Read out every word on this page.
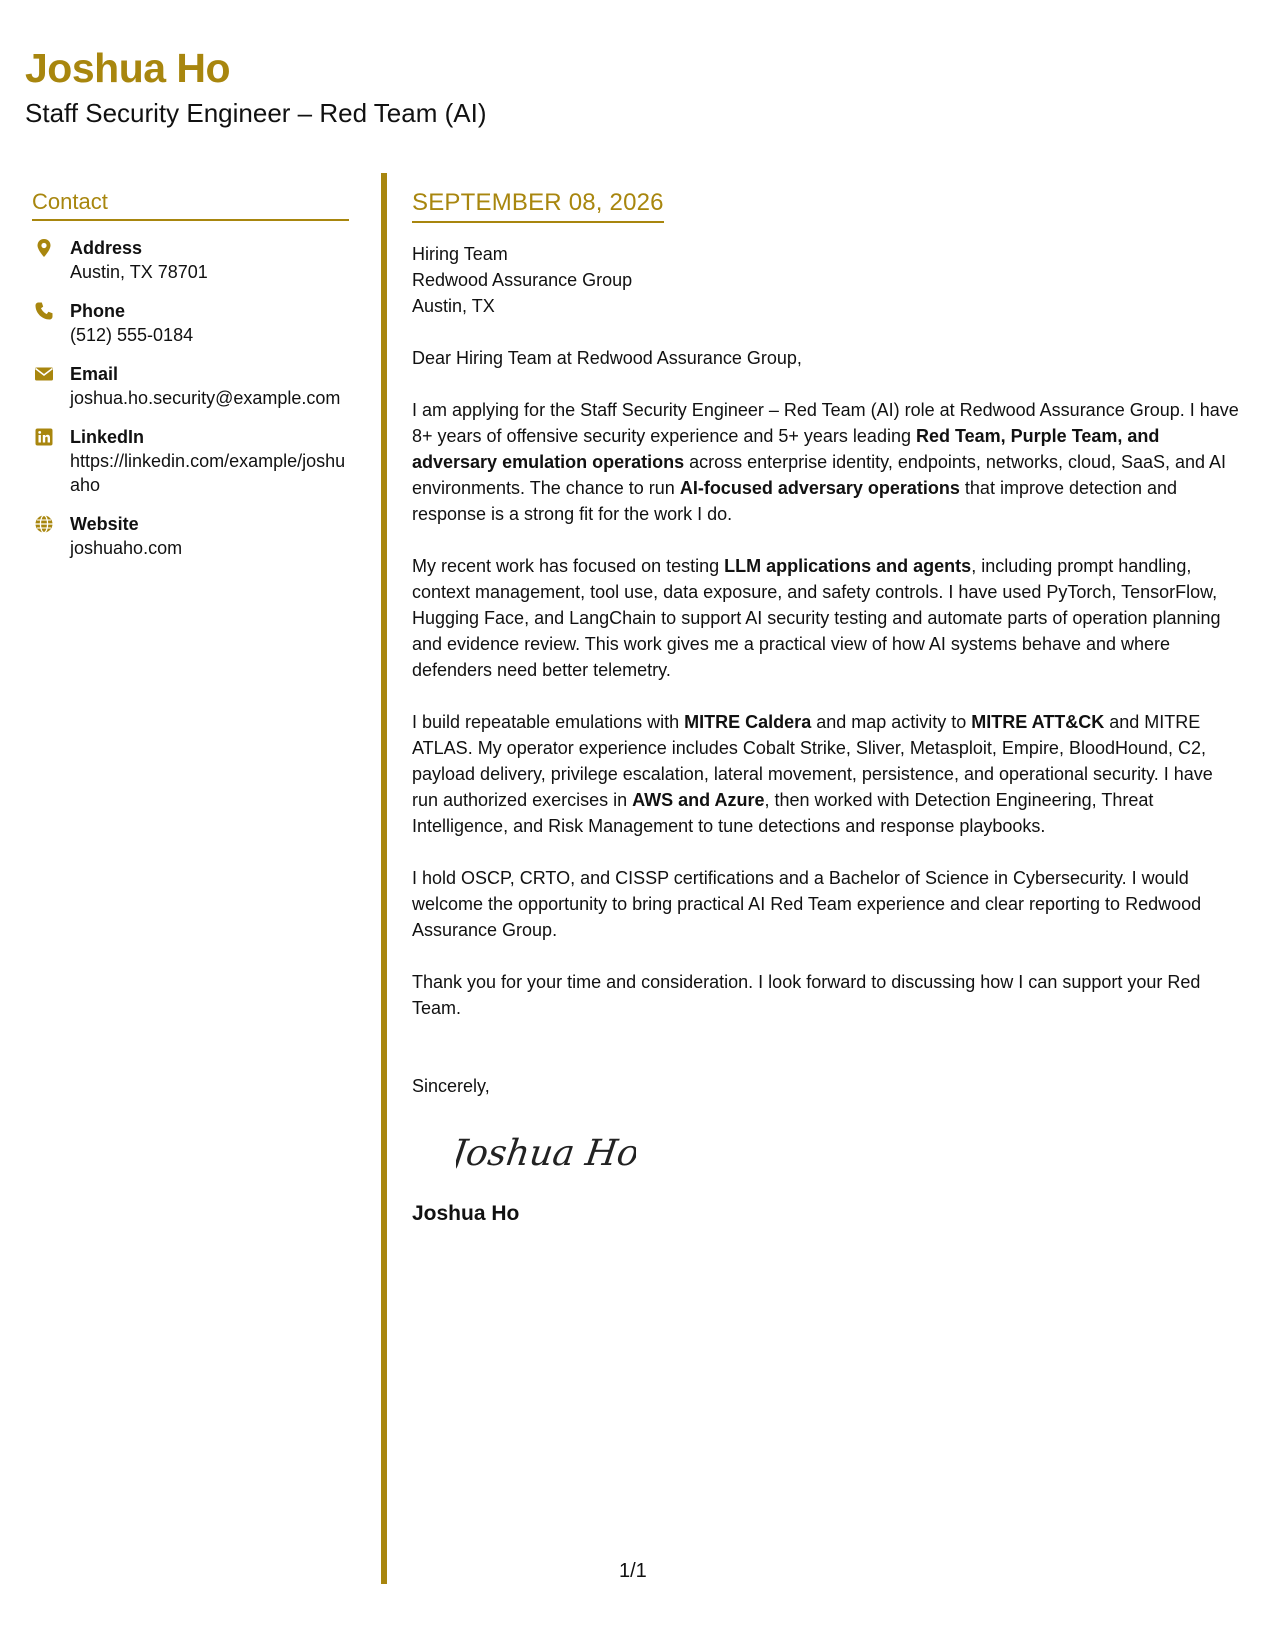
Joshua Ho
Staff Security Engineer – Red Team (AI)
Contact
Address
Austin, TX 78701
Phone
(512) 555-0184
Email
joshua.ho.security@example.com
LinkedIn
https://linkedin.com/example/joshuaho
Website
joshuaho.com
SEPTEMBER 08, 2026
Hiring Team
Redwood Assurance Group
Austin, TX
Dear Hiring Team at Redwood Assurance Group,
I am applying for the Staff Security Engineer – Red Team (AI) role at Redwood Assurance Group. I have 8+ years of offensive security experience and 5+ years leading Red Team, Purple Team, and adversary emulation operations across enterprise identity, endpoints, networks, cloud, SaaS, and AI environments. The chance to run AI-focused adversary operations that improve detection and response is a strong fit for the work I do.
My recent work has focused on testing LLM applications and agents, including prompt handling, context management, tool use, data exposure, and safety controls. I have used PyTorch, TensorFlow, Hugging Face, and LangChain to support AI security testing and automate parts of operation planning and evidence review. This work gives me a practical view of how AI systems behave and where defenders need better telemetry.
I build repeatable emulations with MITRE Caldera and map activity to MITRE ATT&CK and MITRE ATLAS. My operator experience includes Cobalt Strike, Sliver, Metasploit, Empire, BloodHound, C2, payload delivery, privilege escalation, lateral movement, persistence, and operational security. I have run authorized exercises in AWS and Azure, then worked with Detection Engineering, Threat Intelligence, and Risk Management to tune detections and response playbooks.
I hold OSCP, CRTO, and CISSP certifications and a Bachelor of Science in Cybersecurity. I would welcome the opportunity to bring practical AI Red Team experience and clear reporting to Redwood Assurance Group.
Thank you for your time and consideration. I look forward to discussing how I can support your Red Team.
Sincerely,
Joshua Ho
Joshua Ho
1/1
